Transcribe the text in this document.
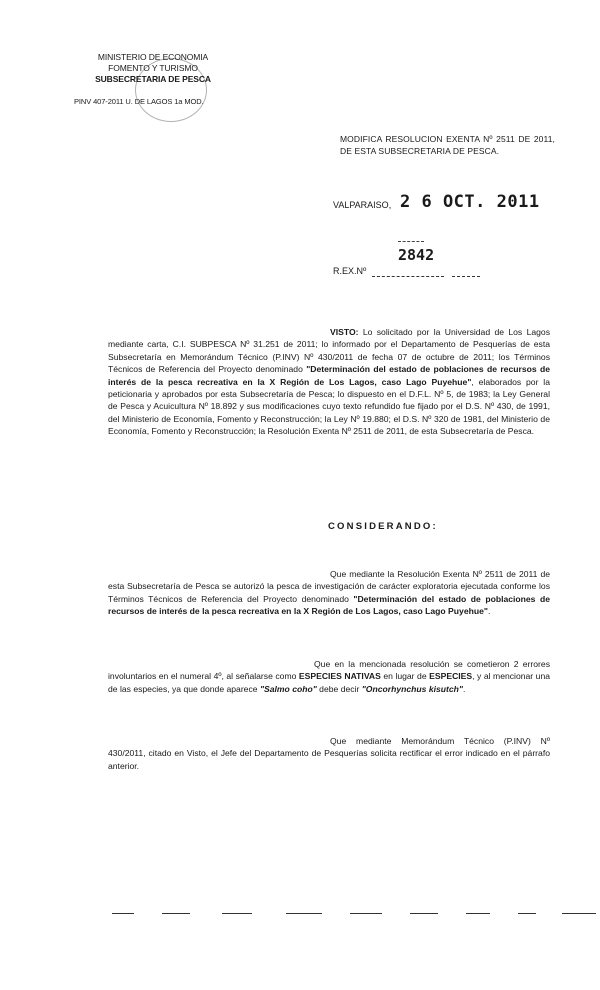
MINISTERIO DE ECONOMIA
FOMENTO Y TURISMO
SUBSECRETARIA DE PESCA
PINV 407-2011 U. DE LAGOS 1a MOD.
MODIFICA RESOLUCION EXENTA Nº 2511 DE 2011, DE ESTA SUBSECRETARIA DE PESCA.
VALPARAISO, 2 6 OCT. 2011
2842
R.EX.Nº
VISTO: Lo solicitado por la Universidad de Los Lagos mediante carta, C.I. SUBPESCA Nº 31.251 de 2011; lo informado por el Departamento de Pesquerías de esta Subsecretaría en Memorándum Técnico (P.INV) Nº 430/2011 de fecha 07 de octubre de 2011; los Términos Técnicos de Referencia del Proyecto denominado "Determinación del estado de poblaciones de recursos de interés de la pesca recreativa en la X Región de Los Lagos, caso Lago Puyehue", elaborados por la peticionaria y aprobados por esta Subsecretaría de Pesca; lo dispuesto en el D.F.L. Nº 5, de 1983; la Ley General de Pesca y Acuicultura Nº 18.892 y sus modificaciones cuyo texto refundido fue fijado por el D.S. Nº 430, de 1991, del Ministerio de Economía, Fomento y Reconstrucción; la Ley Nº 19.880; el D.S. Nº 320 de 1981, del Ministerio de Economía, Fomento y Reconstrucción; la Resolución Exenta Nº 2511 de 2011, de esta Subsecretaría de Pesca.
CONSIDERANDO:
Que mediante la Resolución Exenta Nº 2511 de 2011 de esta Subsecretaría de Pesca se autorizó la pesca de investigación de carácter exploratoria ejecutada conforme los Términos Técnicos de Referencia del Proyecto denominado "Determinación del estado de poblaciones de recursos de interés de la pesca recreativa en la X Región de Los Lagos, caso Lago Puyehue".
Que en la mencionada resolución se cometieron 2 errores involuntarios en el numeral 4º, al señalarse como ESPECIES NATIVAS en lugar de ESPECIES, y al mencionar una de las especies, ya que donde aparece "Salmo coho" debe decir "Oncorhynchus kisutch".
Que mediante Memorándum Técnico (P.INV) Nº 430/2011, citado en Visto, el Jefe del Departamento de Pesquerías solicita rectificar el error indicado en el párrafo anterior.
